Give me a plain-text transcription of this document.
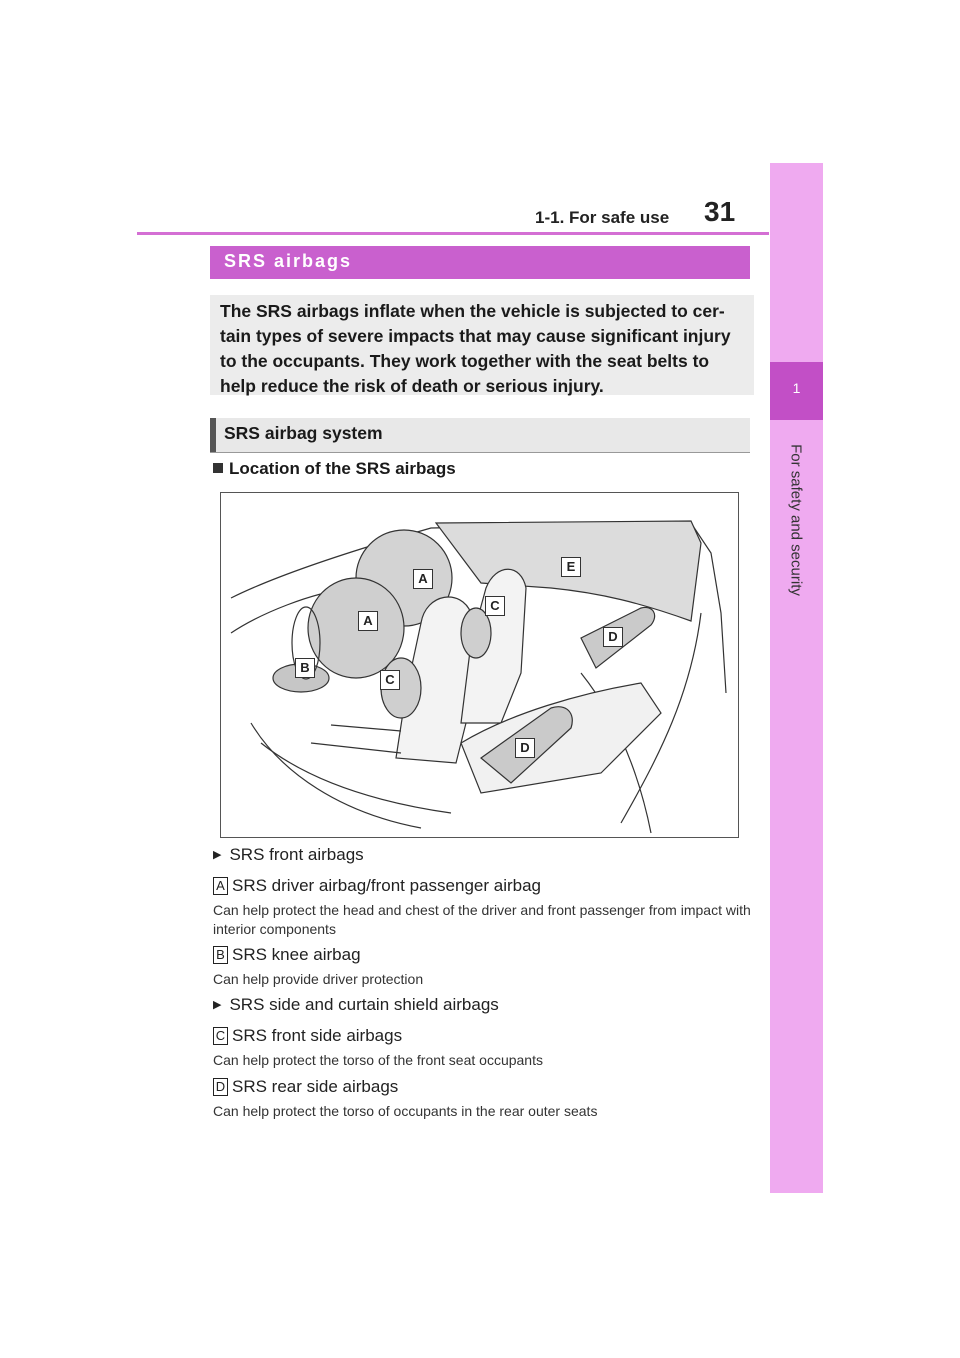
1-1. For safe use 31
1
For safety and security
SRS airbags
The SRS airbags inflate when the vehicle is subjected to cer-tain types of severe impacts that may cause significant injury to the occupants. They work together with the seat belts to help reduce the risk of death or serious injury.
SRS airbag system
Location of the SRS airbags
A
A
B
C
C
D
D
E
▶ SRS front airbags
A SRS driver airbag/front passenger airbag
Can help protect the head and chest of the driver and front passenger from impact with interior components
B SRS knee airbag
Can help provide driver protection
▶ SRS side and curtain shield airbags
C SRS front side airbags
Can help protect the torso of the front seat occupants
D SRS rear side airbags
Can help protect the torso of occupants in the rear outer seats
